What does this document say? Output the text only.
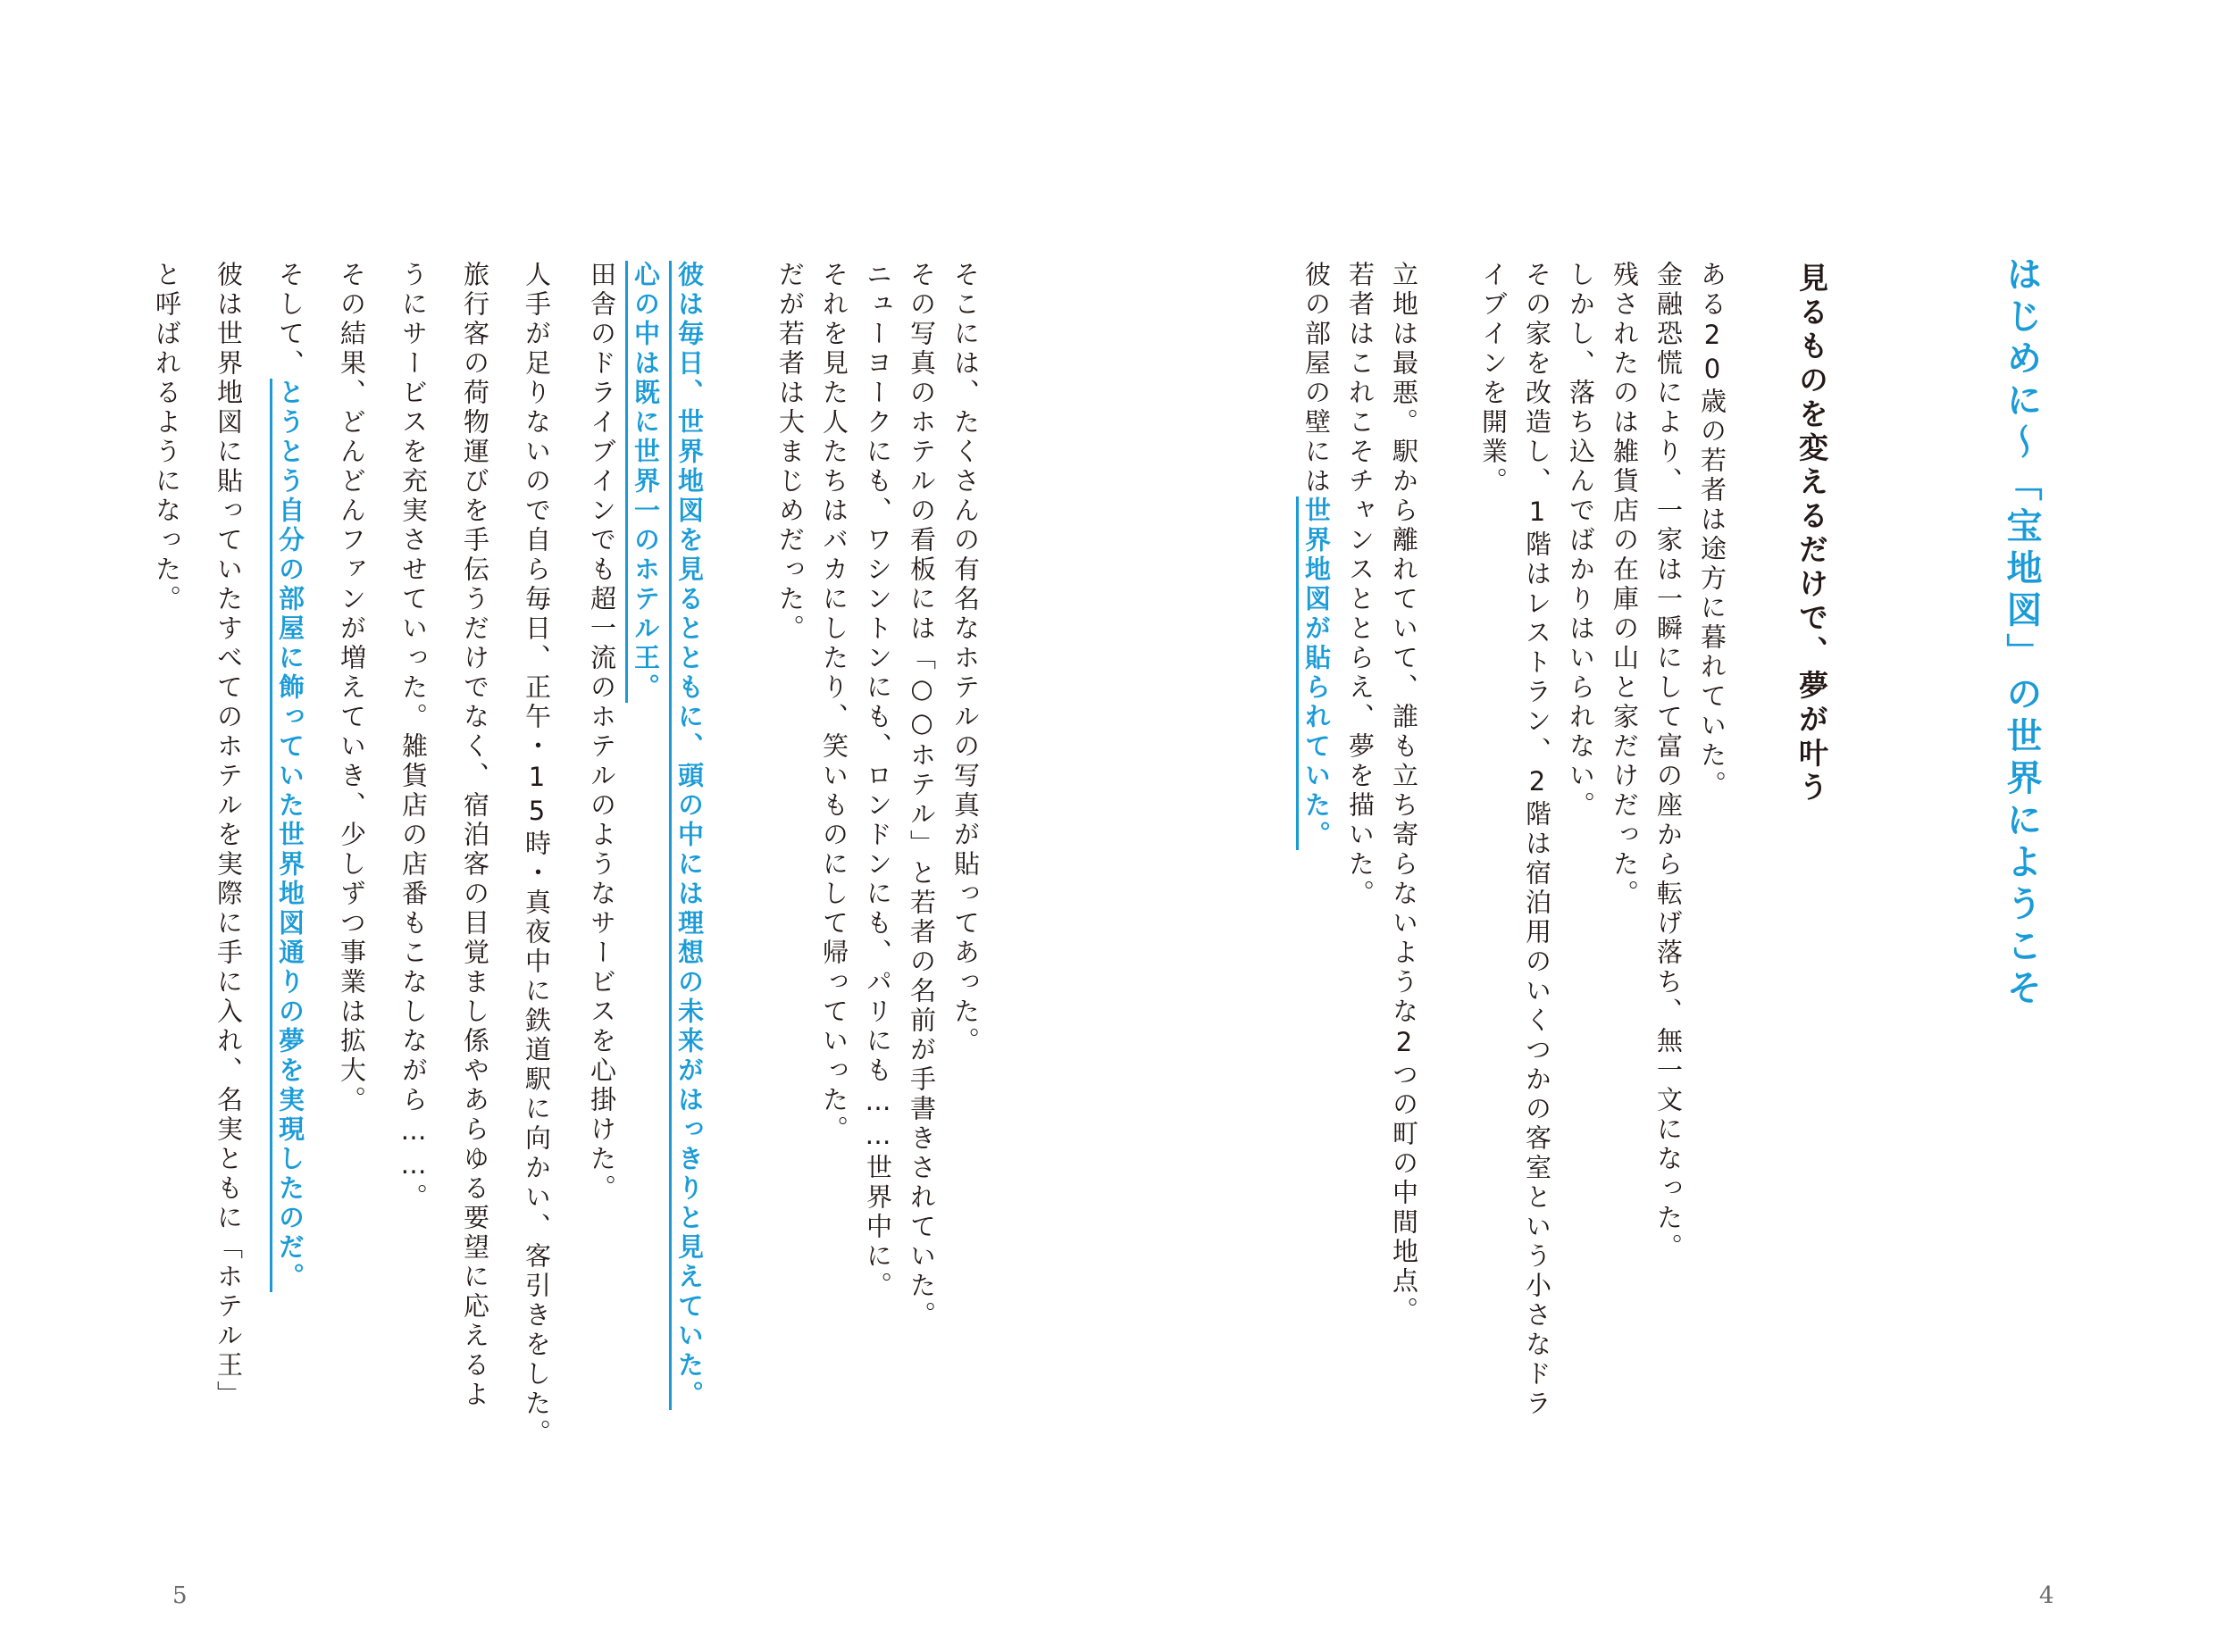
はじめに～「宝地図」の世界にようこそ
見るものを変えるだけで、夢が叶う
ある20歳の若者は途方に暮れていた。
金融恐慌により、一家は一瞬にして富の座から転げ落ち、無一文になった。
残されたのは雑貨店の在庫の山と家だけだった。
しかし、落ち込んでばかりはいられない。
その家を改造し、1階はレストラン、2階は宿泊用のいくつかの客室という小さなドラ
イブインを開業。
立地は最悪。駅から離れていて、誰も立ち寄らないような2つの町の中間地点。
若者はこれこそチャンスととらえ、夢を描いた。
彼の部屋の壁には世界地図が貼られていた。
4
そこには、たくさんの有名なホテルの写真が貼ってあった。
その写真のホテルの看板には「○○ホテル」と若者の名前が手書きされていた。
ニューヨークにも、ワシントンにも、ロンドンにも、パリにも……世界中に。
それを見た人たちはバカにしたり、笑いものにして帰っていった。
だが若者は大まじめだった。
彼は毎日、世界地図を見るとともに、頭の中には理想の未来がはっきりと見えていた。
心の中は既に世界一のホテル王。
田舎のドライブインでも超一流のホテルのようなサービスを心掛けた。
人手が足りないので自ら毎日、正午・15時・真夜中に鉄道駅に向かい、客引きをした。
旅行客の荷物運びを手伝うだけでなく、宿泊客の目覚まし係やあらゆる要望に応えるよ
うにサービスを充実させていった。雑貨店の店番もこなしながら……。
その結果、どんどんファンが増えていき、少しずつ事業は拡大。
そして、とうとう自分の部屋に飾っていた世界地図通りの夢を実現したのだ。
彼は世界地図に貼っていたすべてのホテルを実際に手に入れ、名実ともに「ホテル王」
と呼ばれるようになった。
5
